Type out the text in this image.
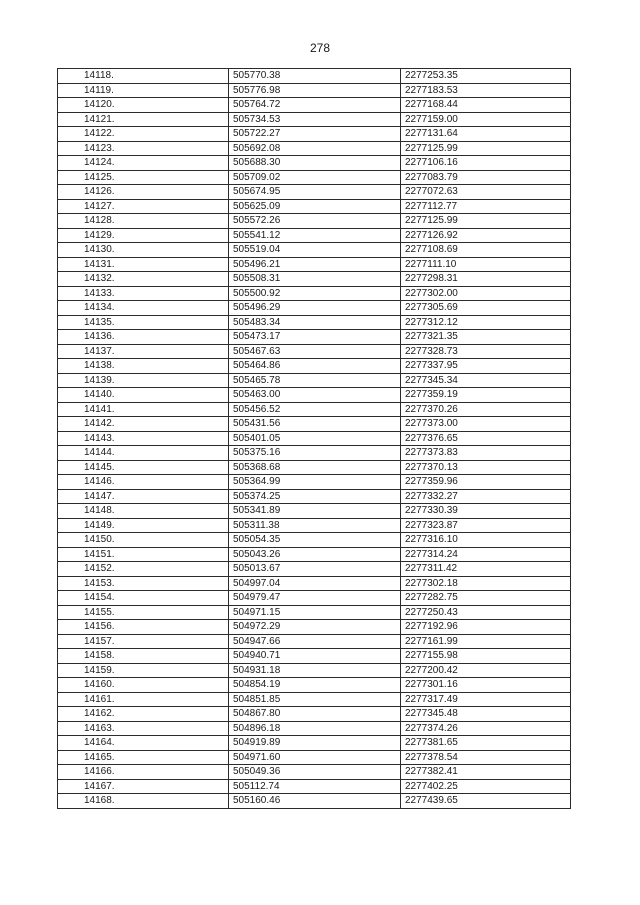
278
14118.	505770.38	2277253.35
14119.	505776.98	2277183.53
14120.	505764.72	2277168.44
14121.	505734.53	2277159.00
14122.	505722.27	2277131.64
14123.	505692.08	2277125.99
14124.	505688.30	2277106.16
14125.	505709.02	2277083.79
14126.	505674.95	2277072.63
14127.	505625.09	2277112.77
14128.	505572.26	2277125.99
14129.	505541.12	2277126.92
14130.	505519.04	2277108.69
14131.	505496.21	2277111.10
14132.	505508.31	2277298.31
14133.	505500.92	2277302.00
14134.	505496.29	2277305.69
14135.	505483.34	2277312.12
14136.	505473.17	2277321.35
14137.	505467.63	2277328.73
14138.	505464.86	2277337.95
14139.	505465.78	2277345.34
14140.	505463.00	2277359.19
14141.	505456.52	2277370.26
14142.	505431.56	2277373.00
14143.	505401.05	2277376.65
14144.	505375.16	2277373.83
14145.	505368.68	2277370.13
14146.	505364.99	2277359.96
14147.	505374.25	2277332.27
14148.	505341.89	2277330.39
14149.	505311.38	2277323.87
14150.	505054.35	2277316.10
14151.	505043.26	2277314.24
14152.	505013.67	2277311.42
14153.	504997.04	2277302.18
14154.	504979.47	2277282.75
14155.	504971.15	2277250.43
14156.	504972.29	2277192.96
14157.	504947.66	2277161.99
14158.	504940.71	2277155.98
14159.	504931.18	2277200.42
14160.	504854.19	2277301.16
14161.	504851.85	2277317.49
14162.	504867.80	2277345.48
14163.	504896.18	2277374.26
14164.	504919.89	2277381.65
14165.	504971.60	2277378.54
14166.	505049.36	2277382.41
14167.	505112.74	2277402.25
14168.	505160.46	2277439.65
